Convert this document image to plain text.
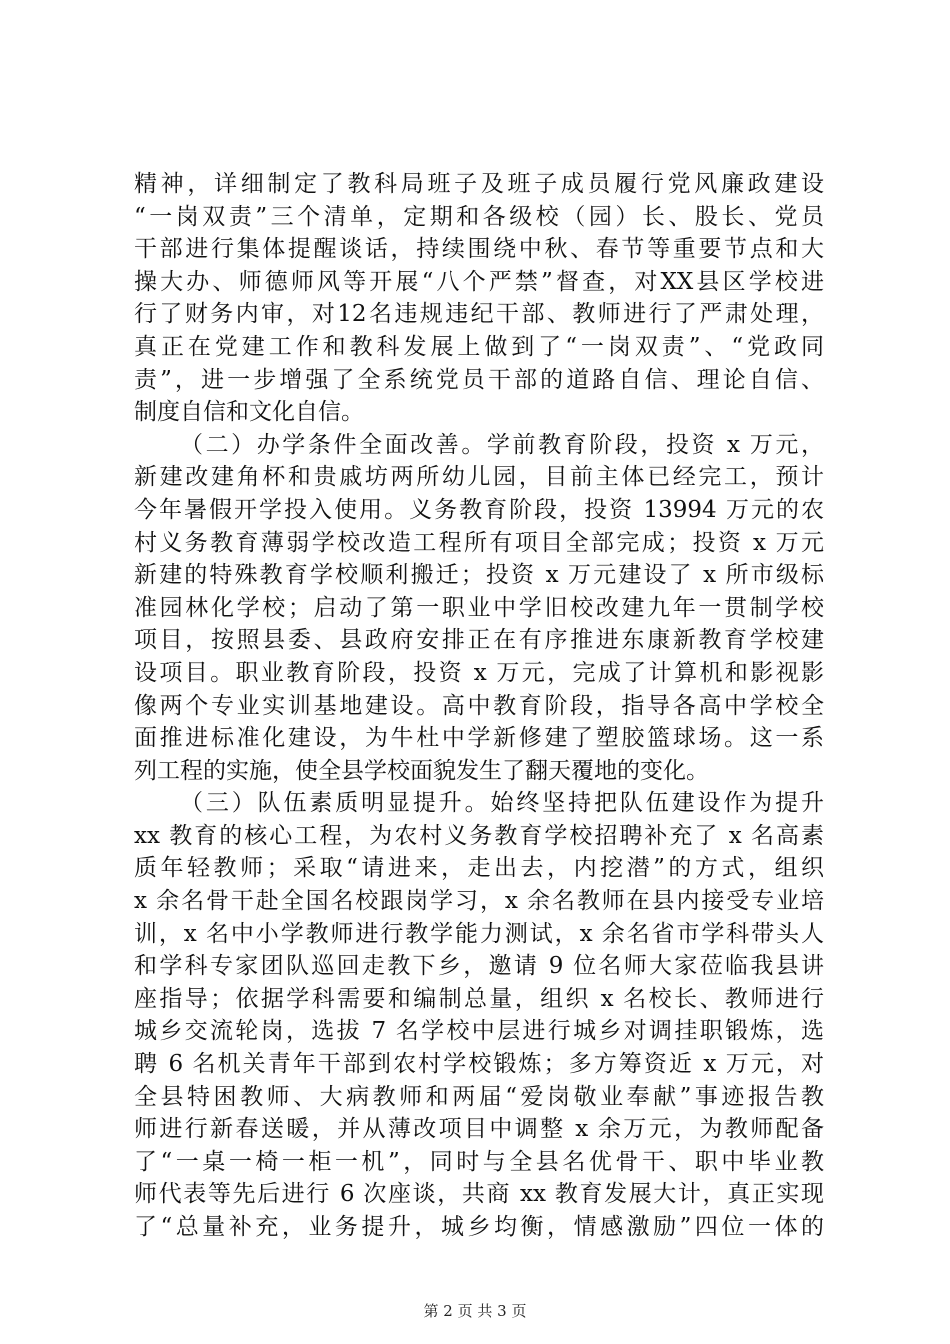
精神，详细制定了教科局班子及班子成员履行党风廉政建设
“一岗双责”三个清单，定期和各级校（园）长、股长、党员
干部进行集体提醒谈话，持续围绕中秋、春节等重要节点和大
操大办、师德师风等开展“八个严禁”督查，对XX县区学校进
行了财务内审，对12名违规违纪干部、教师进行了严肃处理，
真正在党建工作和教科发展上做到了“一岗双责”、“党政同
责”，进一步增强了全系统党员干部的道路自信、理论自信、
制度自信和文化自信。
（二）办学条件全面改善。学前教育阶段，投资 x 万元，
新建改建角杯和贵戚坊两所幼儿园，目前主体已经完工，预计
今年暑假开学投入使用。义务教育阶段，投资 13994 万元的农
村义务教育薄弱学校改造工程所有项目全部完成；投资 x 万元
新建的特殊教育学校顺利搬迁；投资 x 万元建设了 x 所市级标
准园林化学校；启动了第一职业中学旧校改建九年一贯制学校
项目，按照县委、县政府安排正在有序推进东康新教育学校建
设项目。职业教育阶段，投资 x 万元，完成了计算机和影视影
像两个专业实训基地建设。高中教育阶段，指导各高中学校全
面推进标准化建设，为牛杜中学新修建了塑胶篮球场。这一系
列工程的实施，使全县学校面貌发生了翻天覆地的变化。
（三）队伍素质明显提升。始终坚持把队伍建设作为提升
xx 教育的核心工程，为农村义务教育学校招聘补充了 x 名高素
质年轻教师；采取“请进来，走出去，内挖潜”的方式，组织
x 余名骨干赴全国名校跟岗学习，x 余名教师在县内接受专业培
训，x 名中小学教师进行教学能力测试，x 余名省市学科带头人
和学科专家团队巡回走教下乡，邀请 9 位名师大家莅临我县讲
座指导；依据学科需要和编制总量，组织 x 名校长、教师进行
城乡交流轮岗，选拔 7 名学校中层进行城乡对调挂职锻炼，选
聘 6 名机关青年干部到农村学校锻炼；多方筹资近 x 万元，对
全县特困教师、大病教师和两届“爱岗敬业奉献”事迹报告教
师进行新春送暖，并从薄改项目中调整 x 余万元，为教师配备
了“一桌一椅一柜一机”，同时与全县名优骨干、职中毕业教
师代表等先后进行 6 次座谈，共商 xx 教育发展大计，真正实现
了“总量补充，业务提升，城乡均衡，情感激励”四位一体的
第 2 页 共 3 页
